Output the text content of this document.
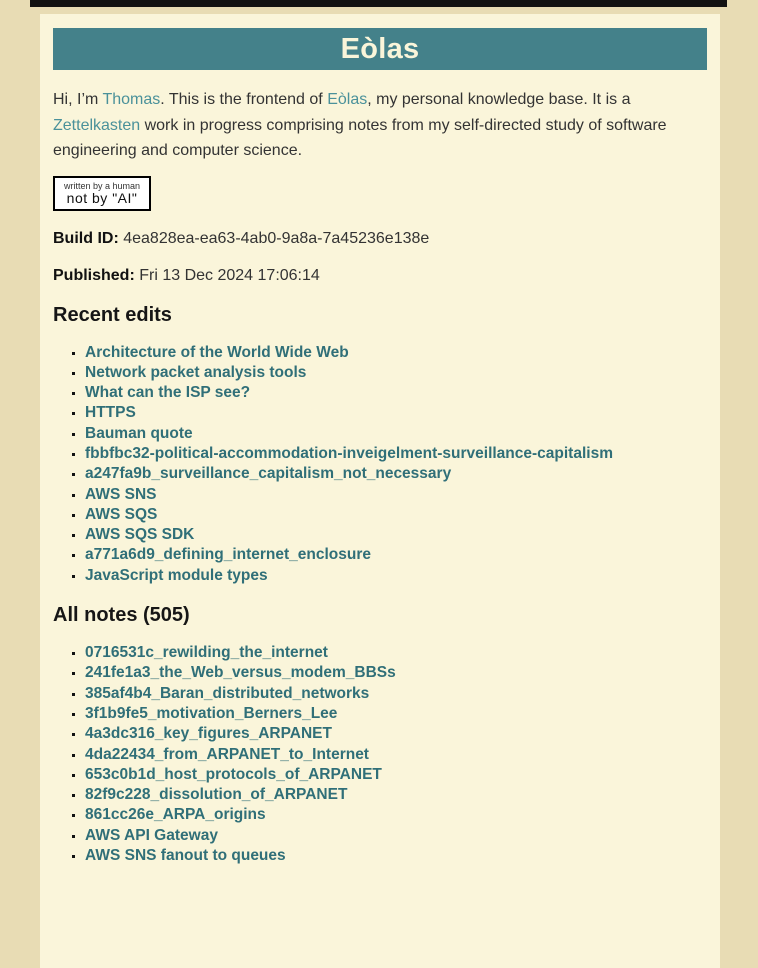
Eòlas

Hi, I’m Thomas. This is the frontend of Eòlas, my personal knowledge base. It is a Zettelkasten work in progress comprising notes from my self-directed study of software engineering and computer science.

written by a human
not by "AI"

Build ID: 4ea828ea-ea63-4ab0-9a8a-7a45236e138e

Published: Fri 13 Dec 2024 17:06:14

Recent edits
▪ Architecture of the World Wide Web
▪ Network packet analysis tools
▪ What can the ISP see?
▪ HTTPS
▪ Bauman quote
▪ fbbfbc32-political-accommodation-inveigelment-surveillance-capitalism
▪ a247fa9b_surveillance_capitalism_not_necessary
▪ AWS SNS
▪ AWS SQS
▪ AWS SQS SDK
▪ a771a6d9_defining_internet_enclosure
▪ JavaScript module types
All notes (505)
▪ 0716531c_rewilding_the_internet
▪ 241fe1a3_the_Web_versus_modem_BBSs
▪ 385af4b4_Baran_distributed_networks
▪ 3f1b9fe5_motivation_Berners_Lee
▪ 4a3dc316_key_figures_ARPANET
▪ 4da22434_from_ARPANET_to_Internet
▪ 653c0b1d_host_protocols_of_ARPANET
▪ 82f9c228_dissolution_of_ARPANET
▪ 861cc26e_ARPA_origins
▪ AWS API Gateway
▪ AWS SNS fanout to queues
